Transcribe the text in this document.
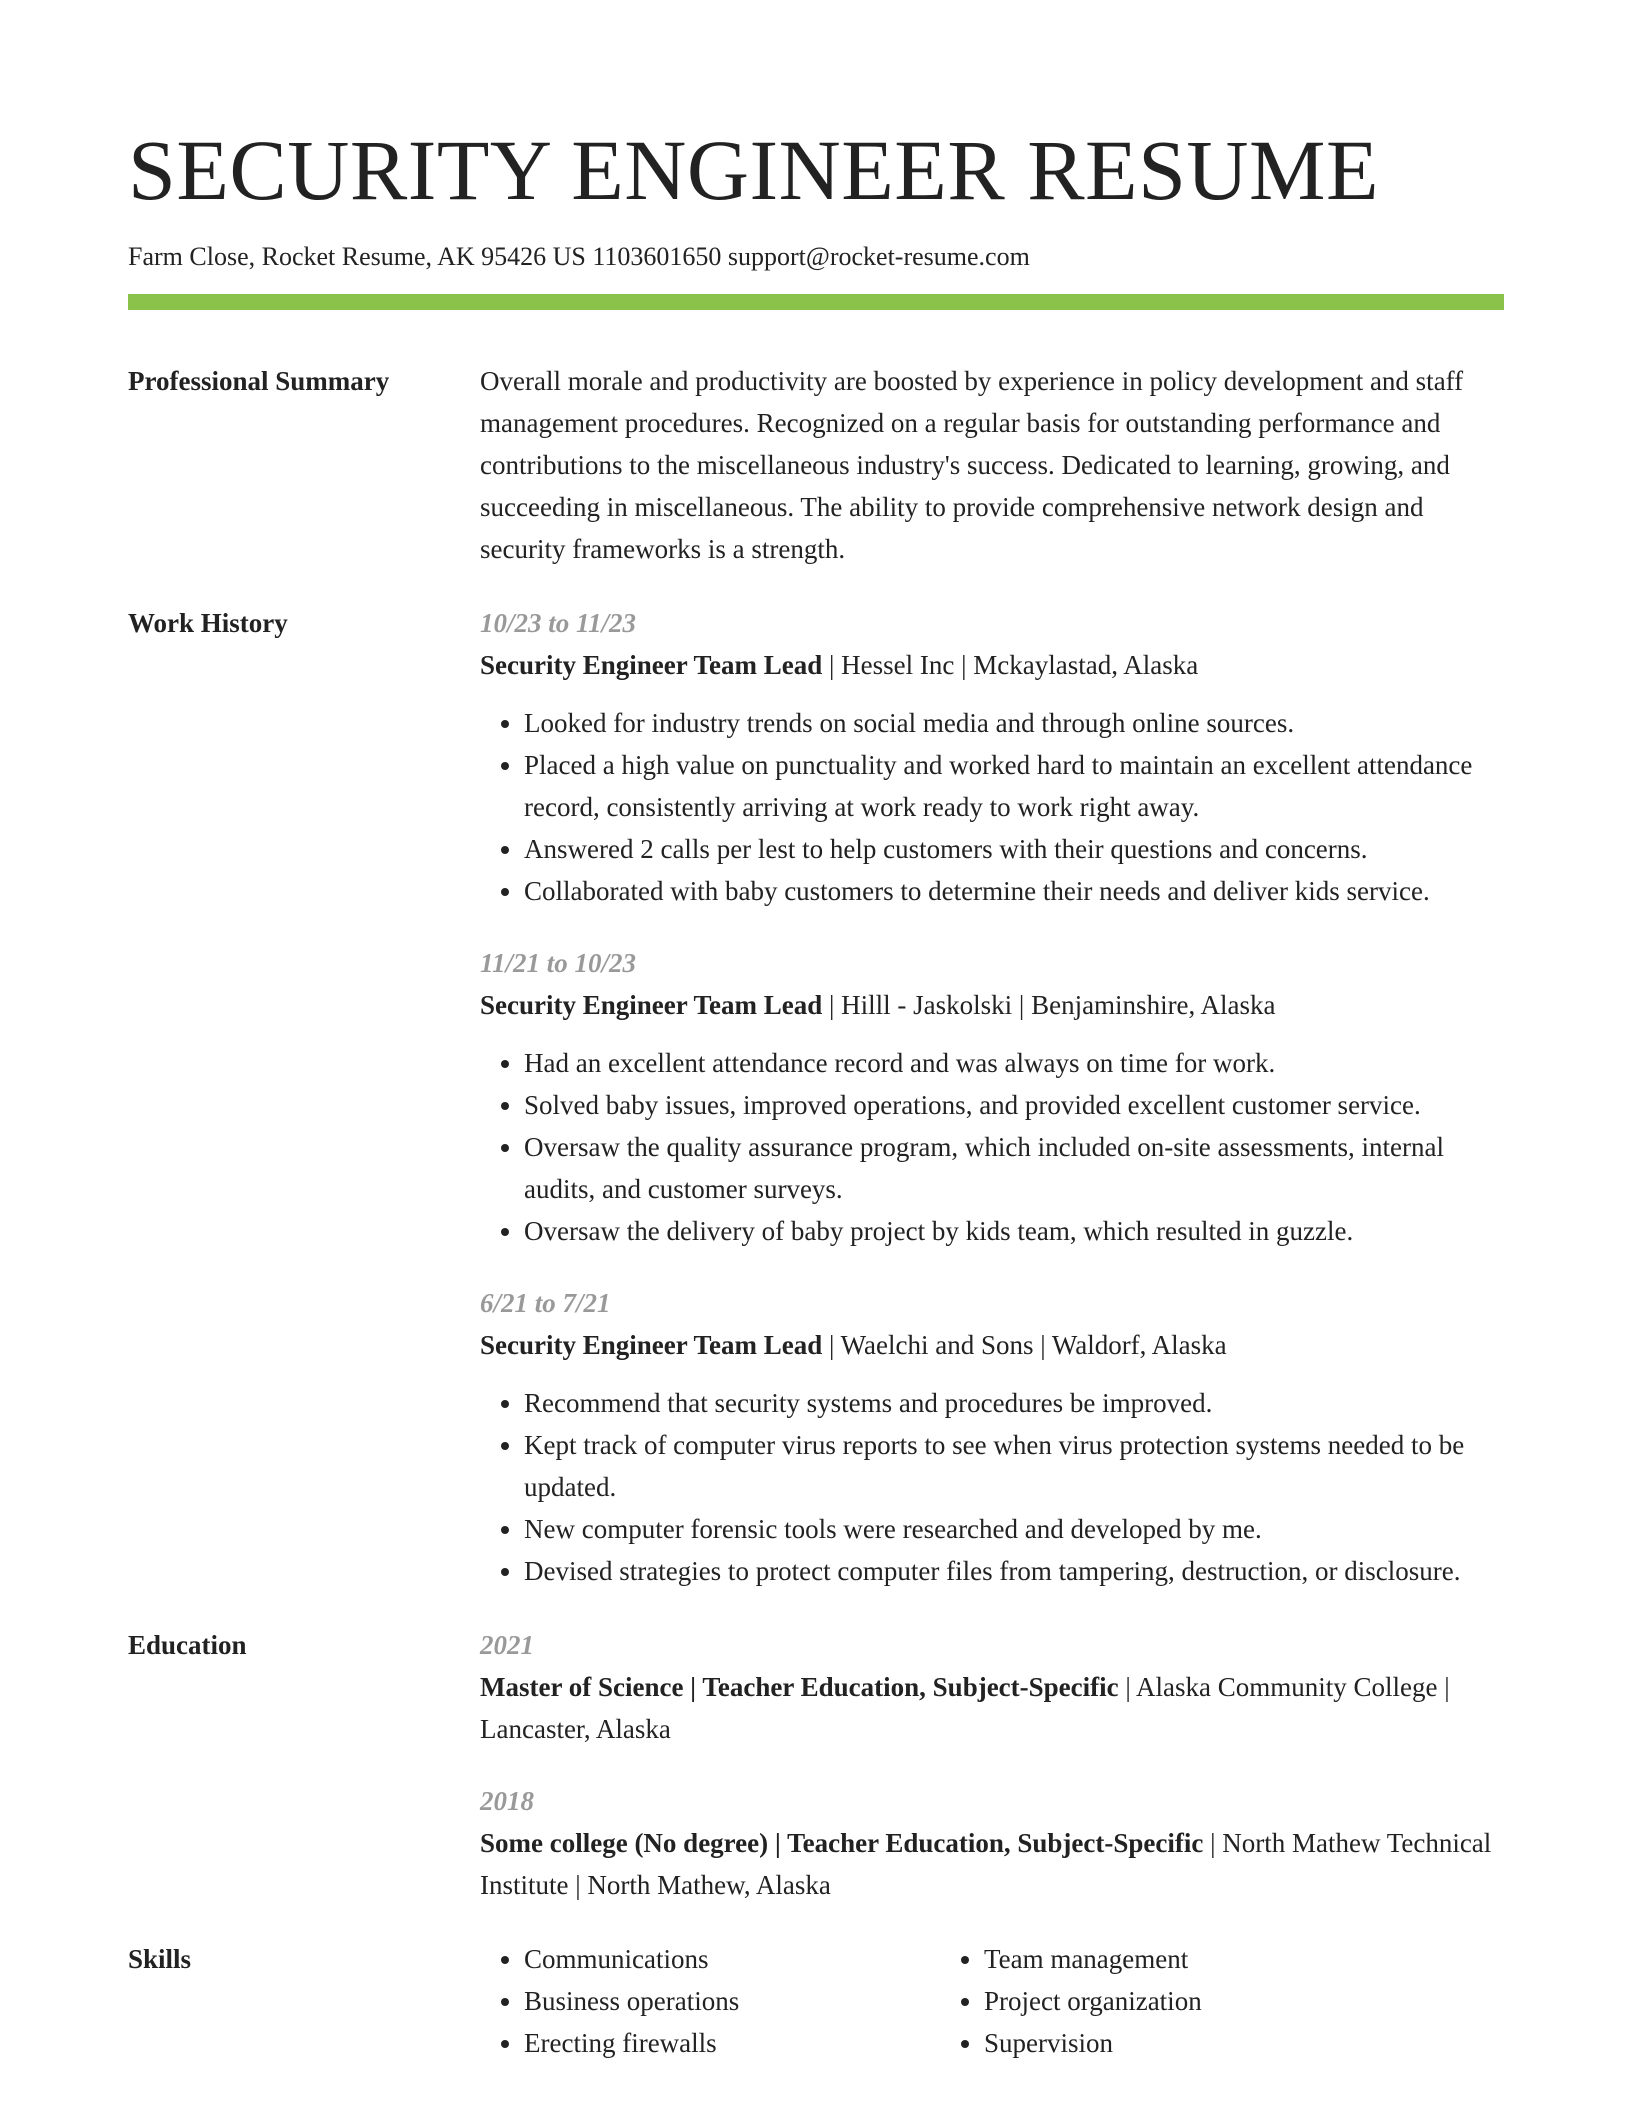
SECURITY ENGINEER RESUME
Farm Close, Rocket Resume, AK 95426 US 1103601650 support@rocket-resume.com
Professional Summary	Overall morale and productivity are boosted by experience in policy development and staff management procedures. Recognized on a regular basis for outstanding performance and contributions to the miscellaneous industry's success. Dedicated to learning, growing, and succeeding in miscellaneous. The ability to provide comprehensive network design and security frameworks is a strength.

Work History	10/23 to 11/23
Security Engineer Team Lead | Hessel Inc | Mckaylastad, Alaska
• Looked for industry trends on social media and through online sources.
• Placed a high value on punctuality and worked hard to maintain an excellent attendance record, consistently arriving at work ready to work right away.
• Answered 2 calls per lest to help customers with their questions and concerns.
• Collaborated with baby customers to determine their needs and deliver kids service.
11/21 to 10/23
Security Engineer Team Lead | Hilll - Jaskolski | Benjaminshire, Alaska
• Had an excellent attendance record and was always on time for work.
• Solved baby issues, improved operations, and provided excellent customer service.
• Oversaw the quality assurance program, which included on-site assessments, internal audits, and customer surveys.
• Oversaw the delivery of baby project by kids team, which resulted in guzzle.
6/21 to 7/21
Security Engineer Team Lead | Waelchi and Sons | Waldorf, Alaska
• Recommend that security systems and procedures be improved.
• Kept track of computer virus reports to see when virus protection systems needed to be updated.
• New computer forensic tools were researched and developed by me.
• Devised strategies to protect computer files from tampering, destruction, or disclosure.
Education	2021
Master of Science | Teacher Education, Subject-Specific | Alaska Community College | Lancaster, Alaska
2018
Some college (No degree) | Teacher Education, Subject-Specific | North Mathew Technical Institute | North Mathew, Alaska
Skills
•	Communications
• Business operations
• Erecting firewalls
• Team management
• Project organization
• Supervision
